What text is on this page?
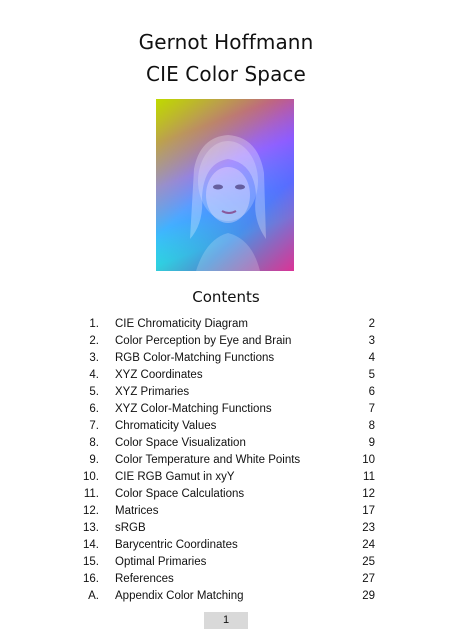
Gernot Hoffmann
CIE Color Space
Contents
1. CIE Chromaticity Diagram	2
2. Color Perception by Eye and Brain	3
3. RGB Color-Matching Functions	4
4. XYZ Coordinates	5
5. XYZ Primaries	6
6. XYZ Color-Matching Functions	7
7. Chromaticity Values	8
8. Color Space Visualization	9
9. Color Temperature and White Points	10
10. CIE RGB Gamut in xyY	11
11. Color Space Calculations	12
12. Matrices	17
13. sRGB	23
14. Barycentric Coordinates	24
15. Optimal Primaries	25
16. References	27
A. Appendix Color Matching	29
1
